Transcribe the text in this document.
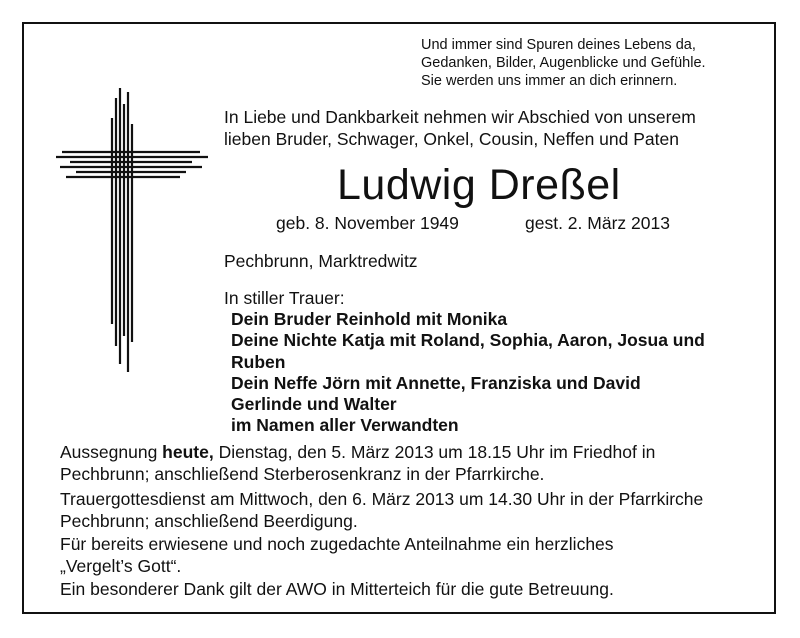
Und immer sind Spuren deines Lebens da,
Gedanken, Bilder, Augenblicke und Gefühle.
Sie werden uns immer an dich erinnern.
In Liebe und Dankbarkeit nehmen wir Abschied von unserem
lieben Bruder, Schwager, Onkel, Cousin, Neffen und Paten
Ludwig Dreßel
geb. 8. November 1949	gest. 2. März 2013
Pechbrunn, Marktredwitz
In stiller Trauer:
Dein Bruder Reinhold mit Monika
Deine Nichte Katja mit Roland, Sophia, Aaron, Josua und
Ruben
Dein Neffe Jörn mit Annette, Franziska und David
Gerlinde und Walter
im Namen aller Verwandten
Aussegnung heute, Dienstag, den 5. März 2013 um 18.15 Uhr im Friedhof in
Pechbrunn; anschließend Sterberosenkranz in der Pfarrkirche.
Trauergottesdienst am Mittwoch, den 6. März 2013 um 14.30 Uhr in der Pfarrkirche
Pechbrunn; anschließend Beerdigung.
Für bereits erwiesene und noch zugedachte Anteilnahme ein herzliches
„Vergelt’s Gott“.
Ein besonderer Dank gilt der AWO in Mitterteich für die gute Betreuung.
